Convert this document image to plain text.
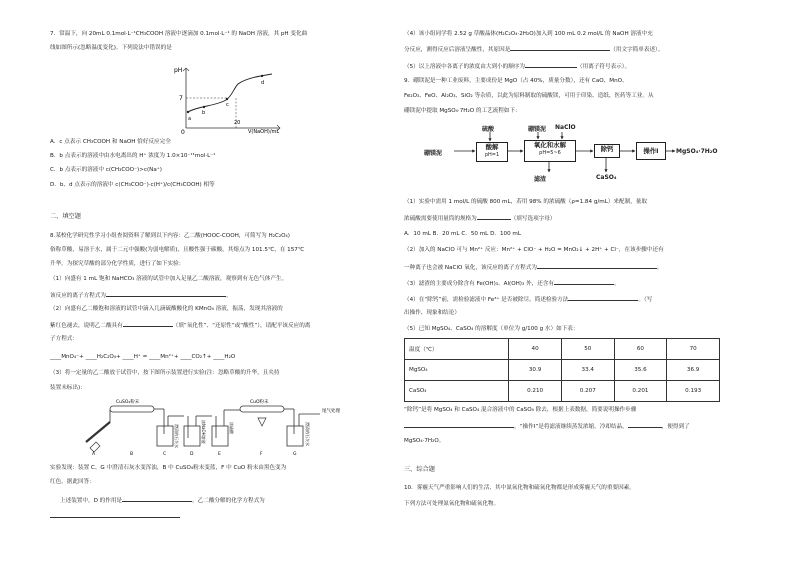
7．常温下，向 20mL 0.1mol·L⁻¹CH₃COOH 溶液中逐滴加 0.1mol·L⁻¹ 的 NaOH 溶液，其 pH 变化曲
线如图所示(忽略温度变化)。下列说法中错误的是
pH
7
0
20
V(NaOH)/mL
a
b
c
d
A．c 点表示 CH₃COOH 和 NaOH 恰好反应完全
B．b 点表示的溶液中由水电离出的 H⁺ 浓度为 1.0×10⁻¹¹mol·L⁻¹
C．b 点表示的溶液中 c(CH₃COO⁻)>c(Na⁺)
D．b、d 点表示的溶液中 c(CH₃COO⁻)·c(H⁺)/c(CH₃COOH) 相等
二、填空题
8.某校化学研究性学习小组查阅资料了解到以下内容：乙二酸(HOOC-COOH，可简写为 H₂C₂O₄)
俗称草酸，易溶于水，属于二元中强酸(为弱电解质)，且酸性强于碳酸，其熔点为 101.5℃，在 157℃
升华。为探究草酸的部分化学性质，进行了如下实验：
（1）向盛有 1 mL 饱和 NaHCO₃ 溶液的试管中加入足量乙二酸溶液，观察到有无色气体产生。
该反应的离子方程式为	。
（2）向盛有乙二酸饱和溶液的试管中滴入几滴硫酸酸化的 KMnO₄ 溶液，振荡，发现其溶液的
紫红色褪去，说明乙二酸具有	（填“氧化性”、“还原性”或“酸性”），请配平该反应的离
子方程式：
____MnO₄⁻+ ____H₂C₂O₄+ ____H⁺ = ____Mn²⁺+ ____CO₂↑+ ____H₂O
（3）将一定量的乙二酸放于试管中，按下图所示装置进行实验(注：忽略草酸的升华，且夹持
装置未标出)：
CuSO₄粉末
澄清的石灰水	浓NaOH溶液	浓硫酸
CuO粉末
澄清的石灰水
尾气处理
A	B	C	D	E	F	G
实验发现：装置 C、G 中澄清石灰水变浑浊，B 中 CuSO₄粉末变蓝，F 中 CuO 粉末由黑色变为
红色。据此回答：
上述装置中，D 的作用是	。乙二酸分解的化学方程式为
（4）该小组同学将 2.52 g 草酸晶体(H₂C₂O₄·2H₂O)加入到 100 mL 0.2 mol/L 的 NaOH 溶液中充
分反应，测得反应后溶液呈酸性，其原因是	（用文字简单表述）。
（5）以上溶液中各离子的浓度由大到小的顺序为	（用离子符号表示）。
9．硼镁泥是一种工业废料，主要成份是 MgO（占 40%，质量分数），还有 CaO、MnO、
Fe₂O₃、FeO、Al₂O₃、SiO₂ 等杂质，以此为原料制取的硫酸镁，可用于印染、造纸、医药等工业。从
硼镁泥中提取 MgSO₄·7H₂O 的工艺流程如下：
硼镁泥
硫酸	硼镁泥 NaClO
酸解
pH=1
氧化和水解
pH=5~6	除钙	操作Ⅰ	MgSO₄·7H₂O
滤渣	CaSO₄
（1）实验中需用 1 mol/L 的硫酸 800 mL，若用 98% 的浓硫酸（ρ=1.84 g/mL）来配制，量取
浓硫酸需要使用量筒的规格为	（填写选项字母）
A．10 mL B．20 mL C．50 mL D．100 mL
（2）加入的 NaClO 可与 Mn²⁺ 反应：Mn²⁺ + ClO⁻ + H₂O = MnO₂↓ + 2H⁺ + Cl⁻，在该步骤中还有
一种离子也会被 NaClO 氧化，该反应的离子方程式为	。
（3）滤渣的主要成分除含有 Fe(OH)₃、Al(OH)₃ 外，还含有	。
（4）在“除钙”前，需检验滤液中 Fe³⁺ 是否被除尽，简述检验方法	。（写
出操作、现象和结论）
（5）已知 MgSO₄、CaSO₄ 的溶解度（单位为 g/100 g 水）如下表：
温度（℃）	40	50	60	70
MgSO₄	30.9	33.4	35.6	36.9
CaSO₄	0.210	0.207	0.201	0.193
“除钙”是将 MgSO₄ 和 CaSO₄ 混合溶液中的 CaSO₄ 除去，根据上表数据，简要说明操作步骤
。“操作Ⅰ”是将滤液继续蒸发浓缩，冷却结晶，	，便得到了
MgSO₄·7H₂O。
三、综合题
10．雾霾天气严重影响人们的生活，其中氮氧化物和硫氧化物都是形成雾霾天气的重要因素。
下列方法可处理氮氧化物和硫氧化物。
